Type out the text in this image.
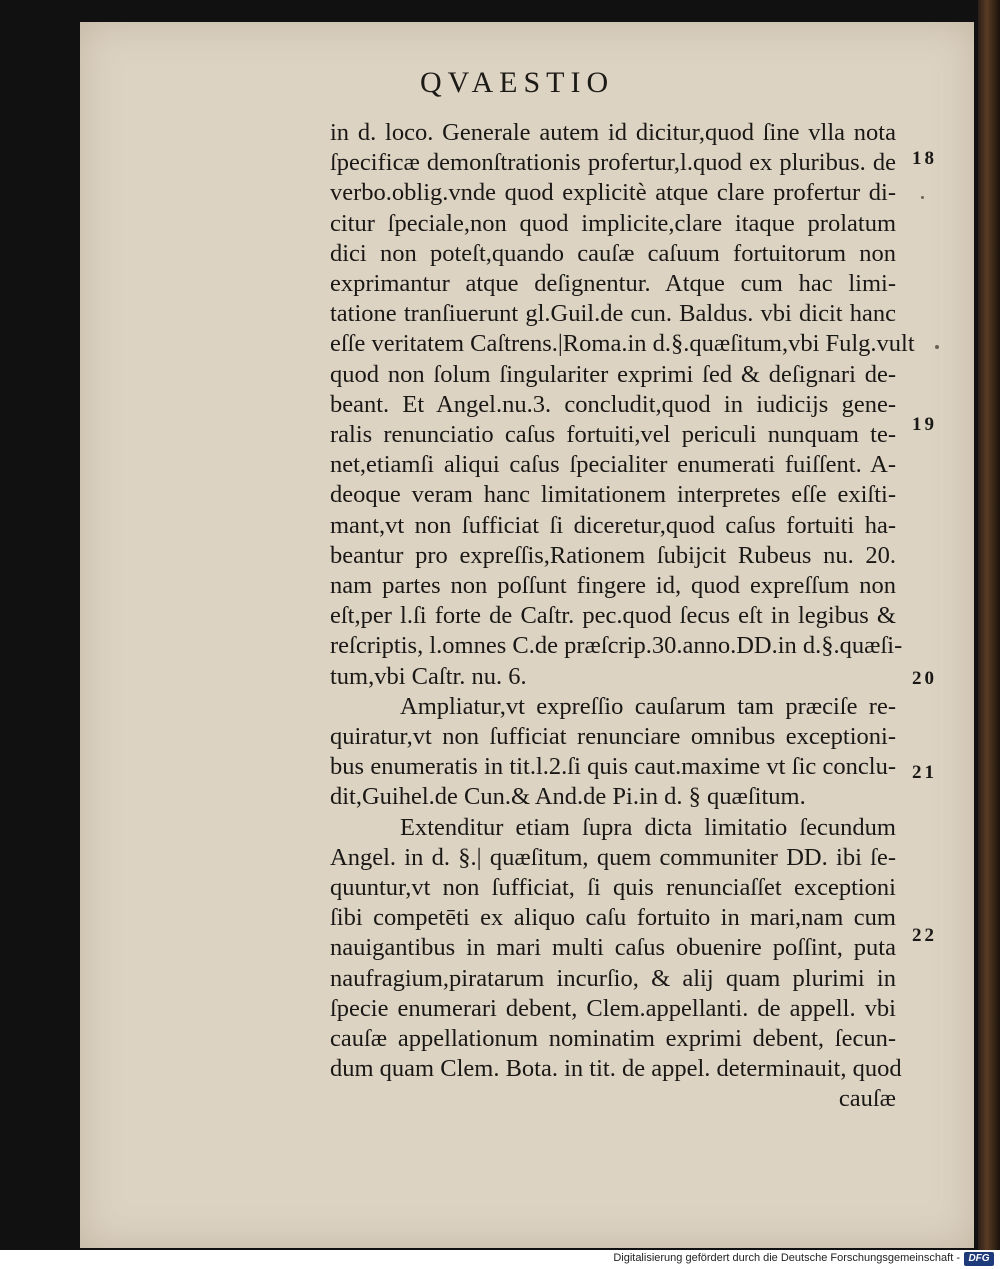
QVAESTIO
in d. loco. Generale autem id dicitur,quod ſine vlla nota
ſpecificæ demonſtrationis profertur,l.quod ex pluribus. de
verbo.oblig.vnde quod explicitè atque clare profertur di-
citur ſpeciale,non quod implicite,clare itaque prolatum
dici non poteſt,quando cauſæ caſuum fortuitorum non
exprimantur atque deſignentur. Atque cum hac limi-
tatione tranſiuerunt gl.Guil.de cun. Baldus. vbi dicit hanc
eſſe veritatem Caſtrens.|Roma.in d.§.quæſitum,vbi Fulg.vult
quod non ſolum ſingulariter exprimi ſed & deſignari de-
beant. Et Angel.nu.3. concludit,quod in iudicijs gene-
ralis renunciatio caſus fortuiti,vel periculi nunquam te-
net,etiamſi aliqui caſus ſpecialiter enumerati fuiſſent. A-
deoque veram hanc limitationem interpretes eſſe exiſti-
mant,vt non ſufficiat ſi diceretur,quod caſus fortuiti ha-
beantur pro expreſſis,Rationem ſubijcit Rubeus nu. 20.
nam partes non poſſunt fingere id, quod expreſſum non
eſt,per l.ſi forte de Caſtr. pec.quod ſecus eſt in legibus &
reſcriptis, l.omnes C.de præſcrip.30.anno.DD.in d.§.quæſi-
tum,vbi Caſtr. nu. 6.
Ampliatur,vt expreſſio cauſarum tam præciſe re-
quiratur,vt non ſufficiat renunciare omnibus exceptioni-
bus enumeratis in tit.l.2.ſi quis caut.maxime vt ſic conclu-
dit,Guihel.de Cun.& And.de Pi.in d. § quæſitum.
Extenditur etiam ſupra dicta limitatio ſecundum
Angel. in d. §.| quæſitum, quem communiter DD. ibi ſe-
quuntur,vt non ſufficiat, ſi quis renunciaſſet exceptioni
ſibi competēti ex aliquo caſu fortuito in mari,nam cum
nauigantibus in mari multi caſus obuenire poſſint, puta
naufragium,piratarum incurſio, & alij quam plurimi in
ſpecie enumerari debent, Clem.appellanti. de appell. vbi
cauſæ appellationum nominatim exprimi debent, ſecun-
dum quam Clem. Bota. in tit. de appel. determinauit, quod
cauſæ
18
19
20
21
22
Digitalisierung gefördert durch die Deutsche Forschungsgemeinschaft - DFG
